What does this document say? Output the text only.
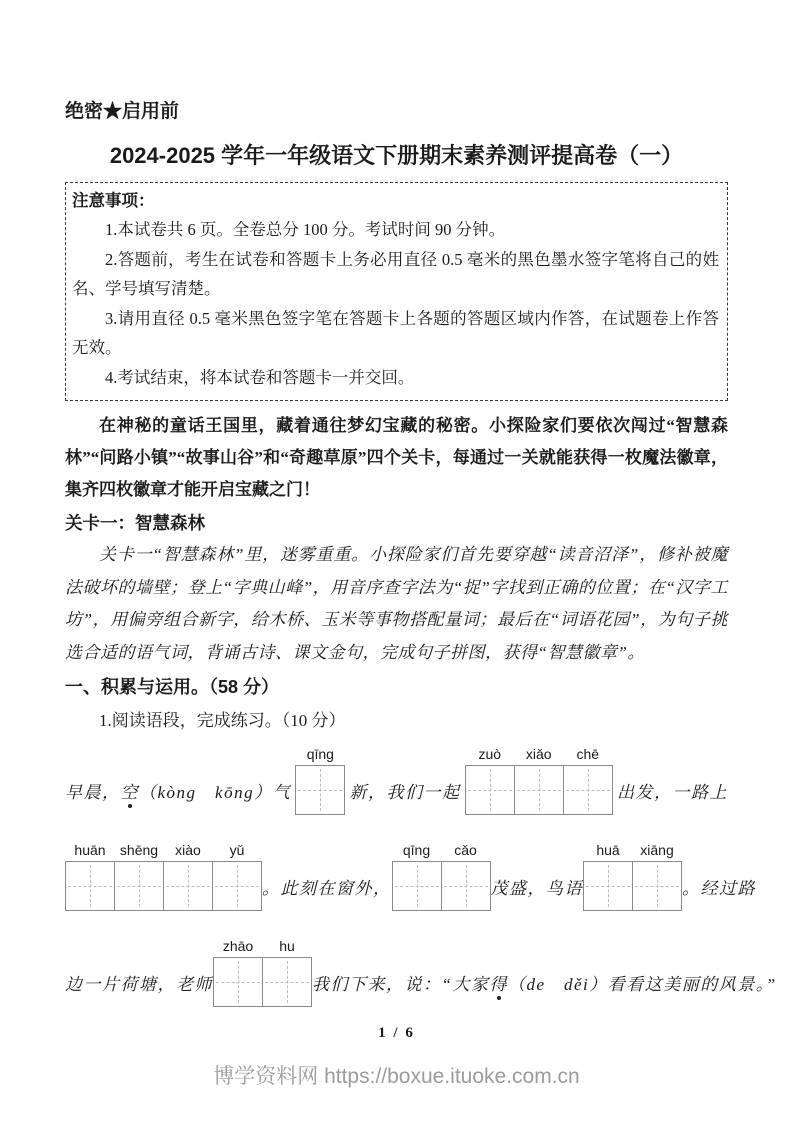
绝密★启用前
2024-2025 学年一年级语文下册期末素养测评提高卷（一）
注意事项：

1.本试卷共 6 页。全卷总分 100 分。考试时间 90 分钟。

2.答题前，考生在试卷和答题卡上务必用直径 0.5 毫米的黑色墨水签字笔将自己的姓名、学号填写清楚。

3.请用直径 0.5 毫米黑色签字笔在答题卡上各题的答题区域内作答，在试题卷上作答无效。

4.考试结束，将本试卷和答题卡一并交回。

在神秘的童话王国里，藏着通往梦幻宝藏的秘密。小探险家们要依次闯过“智慧森林”“问路小镇”“故事山谷”和“奇趣草原”四个关卡，每通过一关就能获得一枚魔法徽章，集齐四枚徽章才能开启宝藏之门！

关卡一：智慧森林

关卡一“智慧森林”里，迷雾重重。小探险家们首先要穿越“读音沼泽”，修补被魔法破坏的墙壁；登上“字典山峰”，用音序查字法为“捉”字找到正确的位置；在“汉字工坊”，用偏旁组合新字，给木桥、玉米等事物搭配量词；最后在“词语花园”，为句子挑选合适的语气词，背诵古诗、课文金句，完成句子拼图，获得“智慧徽章”。

一、积累与运用。（58 分）

1.阅读语段，完成练习。（10 分）

早晨，空（kòng　kōng）气
qīng
新，我们一起
zuò xiǎo chē
出发，一路上
huān shēng xiào yǔ
。此刻在窗外，
qīng cǎo
茂盛，鸟语
huā xiāng
。经过路
边一片荷塘，老师
zhāo hu
我们下来，说：“大家得（de　děi）看看这美丽的风景。”
1 / 6
博学资料网 https://boxue.ituoke.com.cn
